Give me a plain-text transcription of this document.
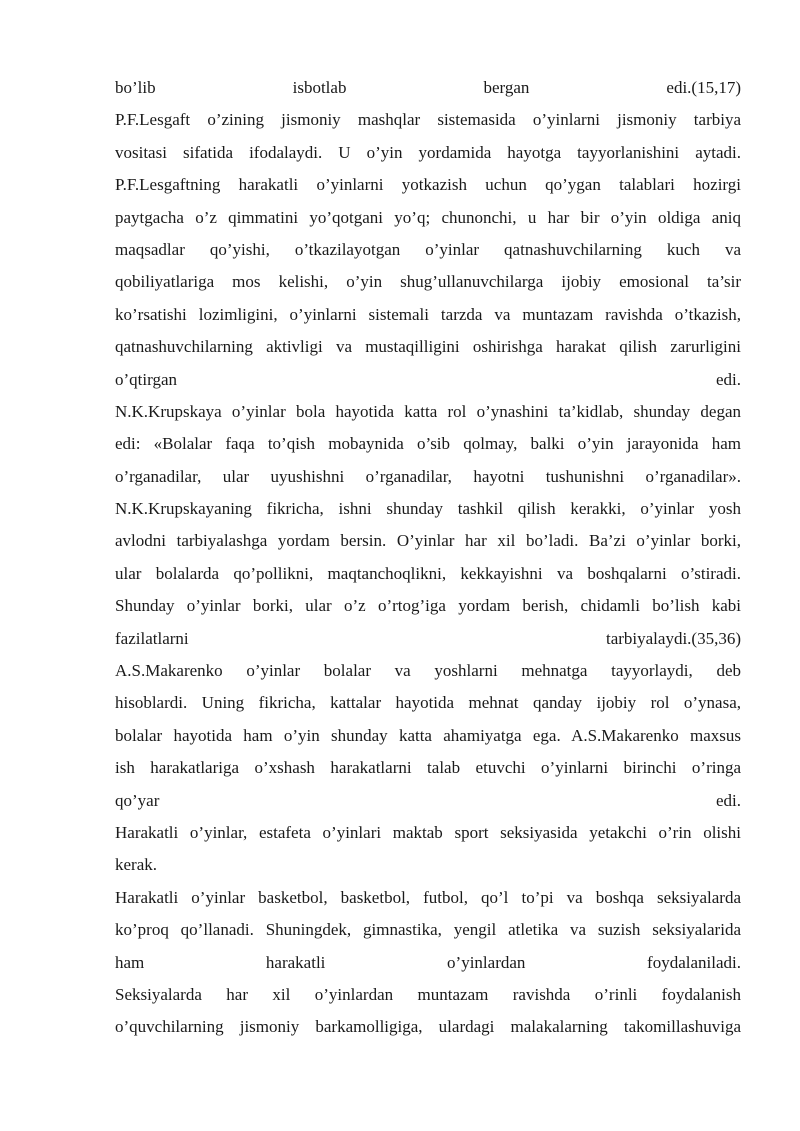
bo’lib isbotlab bergan edi.(15,17)
P.F.Lesgaft o’zining jismoniy mashqlar sistemasida o’yinlarni jismoniy tarbiya
vositasi sifatida ifodalaydi. U o’yin yordamida hayotga tayyorlanishini aytadi.
P.F.Lesgaftning harakatli o’yinlarni yotkazish uchun qo’ygan talablari hozirgi
paytgacha o’z qimmatini yo’qotgani yo’q; chunonchi, u har bir o’yin oldiga aniq
maqsadlar qo’yishi, o’tkazilayotgan o’yinlar qatnashuvchilarning kuch va
qobiliyatlariga mos kelishi, o’yin shug’ullanuvchilarga ijobiy emosional ta’sir
ko’rsatishi lozimligini, o’yinlarni sistemali tarzda va muntazam ravishda o’tkazish,
qatnashuvchilarning aktivligi va mustaqilligini oshirishga harakat qilish zarurligini
o’qtirgan edi.
N.K.Krupskaya o’yinlar bola hayotida katta rol o’ynashini ta’kidlab, shunday degan
edi: «Bolalar faqa to’qish mobaynida o’sib qolmay, balki o’yin jarayonida ham
o’rganadilar, ular uyushishni o’rganadilar, hayotni tushunishni o’rganadilar».
N.K.Krupskayaning fikricha, ishni shunday tashkil qilish kerakki, o’yinlar yosh
avlodni tarbiyalashga yordam bersin. O’yinlar har xil bo’ladi. Ba’zi o’yinlar borki,
ular bolalarda qo’pollikni, maqtanchoqlikni, kekkayishni va boshqalarni o’stiradi.
Shunday o’yinlar borki, ular o’z o’rtog’iga yordam berish, chidamli bo’lish kabi
fazilatlarni tarbiyalaydi.(35,36)
A.S.Makarenko o’yinlar bolalar va yoshlarni mehnatga tayyorlaydi, deb
hisoblardi. Uning fikricha, kattalar hayotida mehnat qanday ijobiy rol o’ynasa,
bolalar hayotida ham o’yin shunday katta ahamiyatga ega. A.S.Makarenko maxsus
ish harakatlariga o’xshash harakatlarni talab etuvchi o’yinlarni birinchi o’ringa
qo’yar edi.
Harakatli o’yinlar, estafeta o’yinlari maktab sport seksiyasida yetakchi o’rin olishi
kerak.
Harakatli o’yinlar basketbol, basketbol, futbol, qo’l to’pi va boshqa seksiyalarda
ko’proq qo’llanadi. Shuningdek, gimnastika, yengil atletika va suzish seksiyalarida
ham harakatli o’yinlardan foydalaniladi.
Seksiyalarda har xil o’yinlardan muntazam ravishda o’rinli foydalanish
o’quvchilarning jismoniy barkamolligiga, ulardagi malakalarning takomillashuviga
